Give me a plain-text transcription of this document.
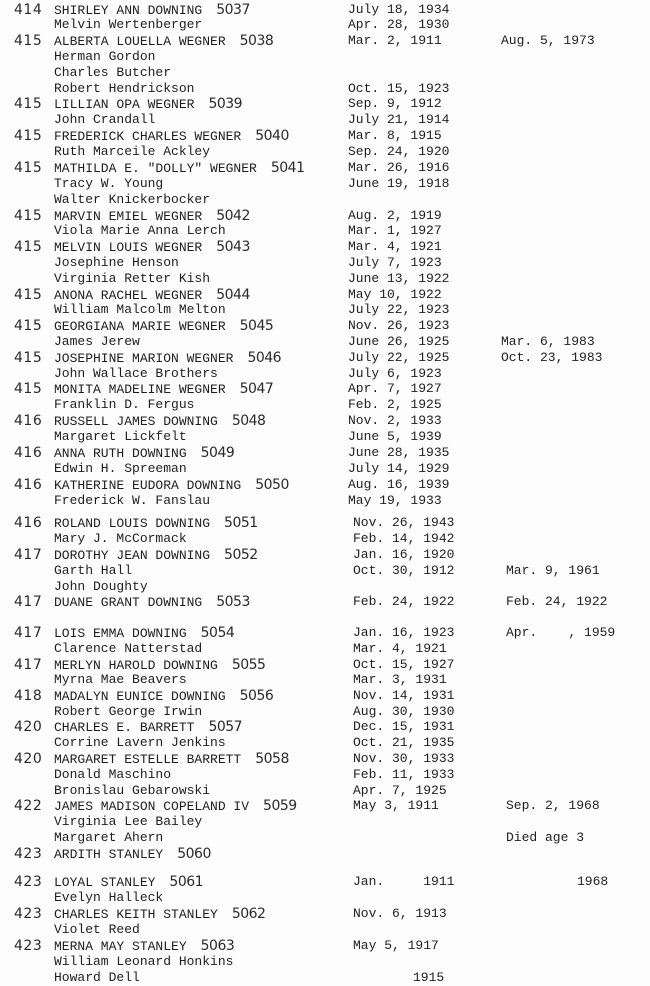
414 SHIRLEY ANN DOWNING 5037	July 18, 1934
Melvin Wertenberger	Apr. 28, 1930
415 ALBERTA LOUELLA WEGNER 5038	Mar. 2, 1911	Aug. 5, 1973
Herman Gordon
Charles Butcher
Robert Hendrickson	Oct. 15, 1923
415 LILLIAN OPA WEGNER 5039	Sep. 9, 1912
John Crandall	July 21, 1914
415 FREDERICK CHARLES WEGNER 5040	Mar. 8, 1915
Ruth Marceile Ackley	Sep. 24, 1920
415 MATHILDA E. "DOLLY" WEGNER 5041	Mar. 26, 1916
Tracy W. Young	June 19, 1918
Walter Knickerbocker
415 MARVIN EMIEL WEGNER 5042	Aug. 2, 1919
Viola Marie Anna Lerch	Mar. 1, 1927
415 MELVIN LOUIS WEGNER 5043	Mar. 4, 1921
Josephine Henson	July 7, 1923
Virginia Retter Kish	June 13, 1922
415 ANONA RACHEL WEGNER 5044	May 10, 1922
William Malcolm Melton	July 22, 1923
415 GEORGIANA MARIE WEGNER 5045	Nov. 26, 1923
James Jerew	June 26, 1925	Mar. 6, 1983
415 JOSEPHINE MARION WEGNER 5046	July 22, 1925	Oct. 23, 1983
John Wallace Brothers	July 6, 1923
415 MONITA MADELINE WEGNER 5047	Apr. 7, 1927
Franklin D. Fergus	Feb. 2, 1925
416 RUSSELL JAMES DOWNING 5048	Nov. 2, 1933
Margaret Lickfelt	June 5, 1939
416 ANNA RUTH DOWNING 5049	June 28, 1935
Edwin H. Spreeman	July 14, 1929
416 KATHERINE EUDORA DOWNING 5050	Aug. 16, 1939
Frederick W. Fanslau	May 19, 1933
416 ROLAND LOUIS DOWNING 5051	Nov. 26, 1943
Mary J. McCormack	Feb. 14, 1942
417 DOROTHY JEAN DOWNING 5052	Jan. 16, 1920
Garth Hall	Oct. 30, 1912	Mar. 9, 1961
John Doughty
417 DUANE GRANT DOWNING 5053	Feb. 24, 1922	Feb. 24, 1922
417 LOIS EMMA DOWNING 5054	Jan. 16, 1923	Apr.    , 1959
Clarence Natterstad	Mar. 4, 1921
417 MERLYN HAROLD DOWNING 5055	Oct. 15, 1927
Myrna Mae Beavers	Mar. 3, 1931
418 MADALYN EUNICE DOWNING 5056	Nov. 14, 1931
Robert George Irwin	Aug. 30, 1930
420 CHARLES E. BARRETT 5057	Dec. 15, 1931
Corrine Lavern Jenkins	Oct. 21, 1935
420 MARGARET ESTELLE BARRETT 5058	Nov. 30, 1933
Donald Maschino	Feb. 11, 1933
Bronislau Gebarowski	Apr. 7, 1925
422 JAMES MADISON COPELAND IV 5059	May 3, 1911	Sep. 2, 1968
Virginia Lee Bailey
Margaret Ahern	Died age 3
423 ARDITH STANLEY 5060
423 LOYAL STANLEY 5061	Jan.     1911	1968
Evelyn Halleck
423 CHARLES KEITH STANLEY 5062	Nov. 6, 1913
Violet Reed
423 MERNA MAY STANLEY 5063	May 5, 1917
William Leonard Honkins
Howard Dell	1915
